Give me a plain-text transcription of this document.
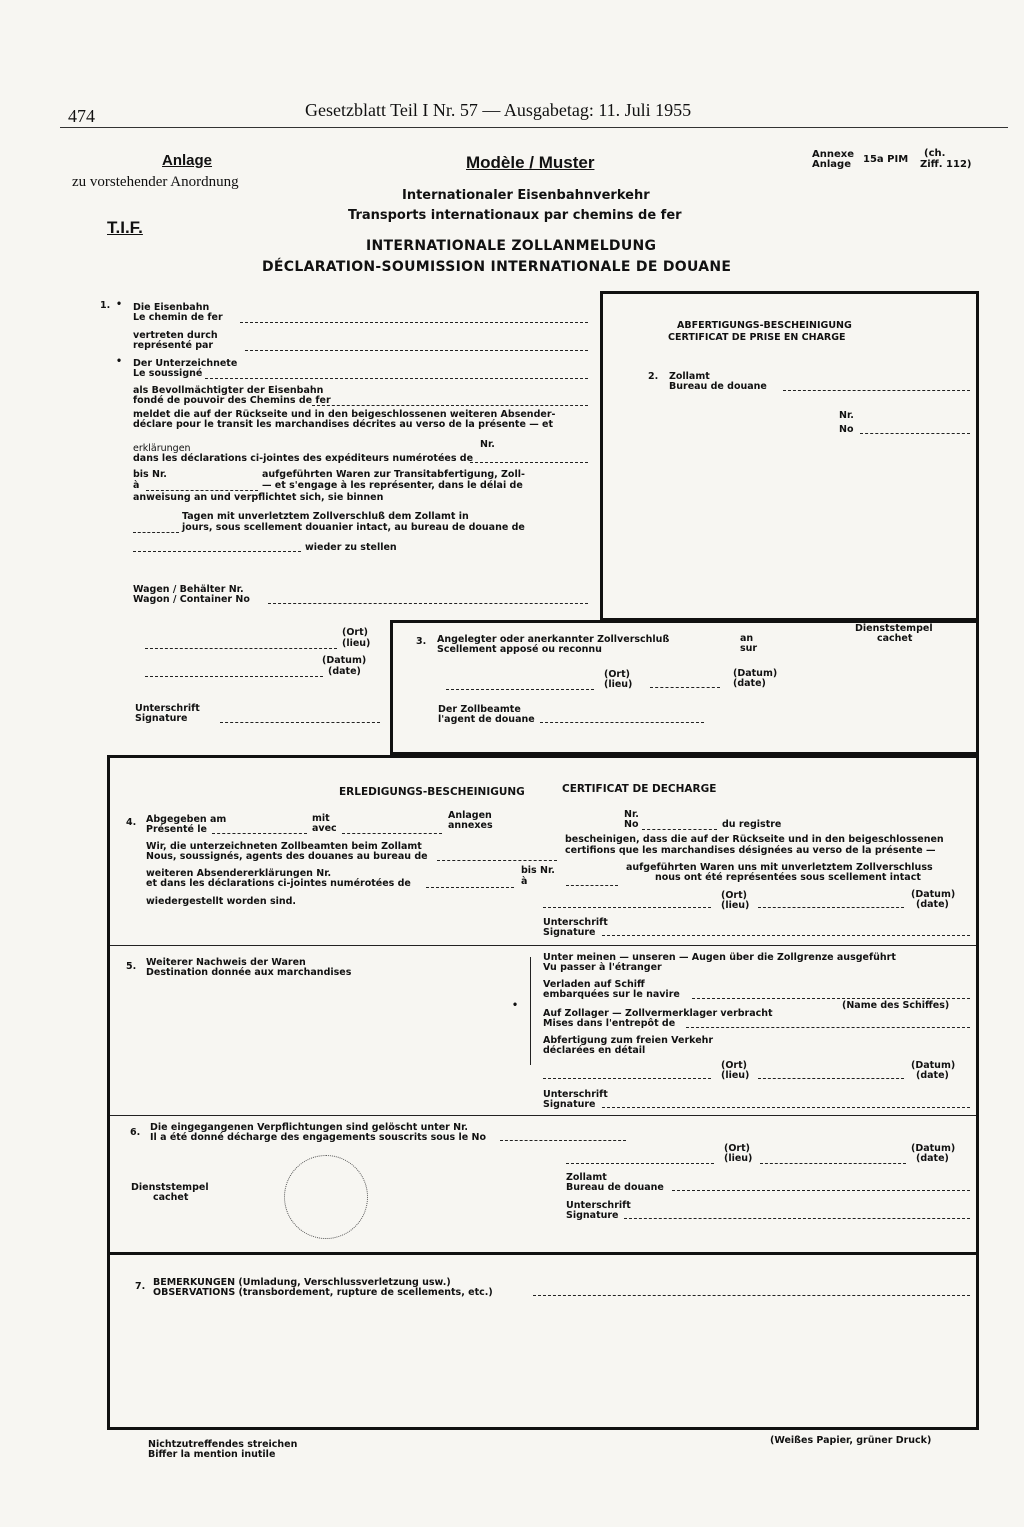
474	Gesetzblatt Teil I Nr. 57 — Ausgabetag: 11. Juli 1955
Anlage
zu vorstehender Anordnung
T.I.F.
Modèle / Muster	Annexe
Anlage 15a PIM
(ch.
Ziff. 112)
Internationaler Eisenbahnverkehr
Transports internationaux par chemins de fer
INTERNATIONALE ZOLLANMELDUNG
DÉCLARATION-SOUMISSION INTERNATIONALE DE DOUANE
1. • Die Eisenbahn
Le chemin de fer
vertreten durch
représenté par
• Der Unterzeichnete
Le soussigné
als Bevollmächtigter der Eisenbahn
fondé de pouvoir des Chemins de fer
meldet die auf der Rückseite und in den beigeschlossenen weiteren Absender-
déclare pour le transit les marchandises décrites au verso de la présente — et
erklärungen	Nr.
dans les déclarations ci-jointes des expéditeurs numérotées de
bis Nr.	aufgeführten Waren zur Transitabfertigung, Zoll-
à	— et s'engage à les représenter, dans le délai de
anweisung an und verpflichtet sich, sie binnen
Tagen mit unverletztem Zollverschluß dem Zollamt in
jours, sous scellement douanier intact, au bureau de douane de
wieder zu stellen
Wagen / Behälter Nr.
Wagon / Container No
(Ort)
(lieu)
(Datum)
(date)
Unterschrift
Signature
ABFERTIGUNGS-BESCHEINIGUNG
CERTIFICAT DE PRISE EN CHARGE
2. Zollamt
Bureau de douane
Nr.
No
3. Angelegter oder anerkannter Zollverschluß
Scellement apposé ou reconnu
an
sur
Dienststempel
cachet
(Ort)
(lieu)
(Datum)
(date)
Der Zollbeamte
l'agent de douane
ERLEDIGUNGS-BESCHEINIGUNG	CERTIFICAT DE DECHARGE
4. Abgegeben am
Présenté le
mit
avec
Anlagen
annexes
Nr.
No	du registre
Wir, die unterzeichneten Zollbeamten beim Zollamt
Nous, soussignés, agents des douanes au bureau de
bescheinigen, dass die auf der Rückseite und in den beigeschlossenen
certifions que les marchandises désignées au verso de la présente —
weiteren Absendererklärungen Nr.
et dans les déclarations ci-jointes numérotées de
bis Nr.
à
aufgeführten Waren uns mit unverletztem Zollverschluss
nous ont été représentées sous scellement intact
wiedergestellt worden sind.
(Ort)
(lieu)
(Datum)
(date)
Unterschrift
Signature
5. Weiterer Nachweis der Waren
Destination donnée aux marchandises
•
Unter meinen — unseren — Augen über die Zollgrenze ausgeführt
Vu passer à l'étranger
Verladen auf Schiff
embarquées sur le navire
(Name des Schiffes)
Auf Zollager — Zollvermerklager verbracht
Mises dans l'entrepôt de
Abfertigung zum freien Verkehr
déclarées en détail
(Ort)
(lieu)
(Datum)
(date)
Unterschrift
Signature
6. Die eingegangenen Verpflichtungen sind gelöscht unter Nr.
Il a été donné décharge des engagements souscrits sous le No
(Ort)
(lieu)
(Datum)
(date)
Dienststempel
cachet
Zollamt
Bureau de douane
Unterschrift
Signature
7. BEMERKUNGEN (Umladung, Verschlussverletzung usw.)
OBSERVATIONS (transbordement, rupture de scellements, etc.)
Nichtzutreffendes streichen
Biffer la mention inutile
(Weißes Papier, grüner Druck)
